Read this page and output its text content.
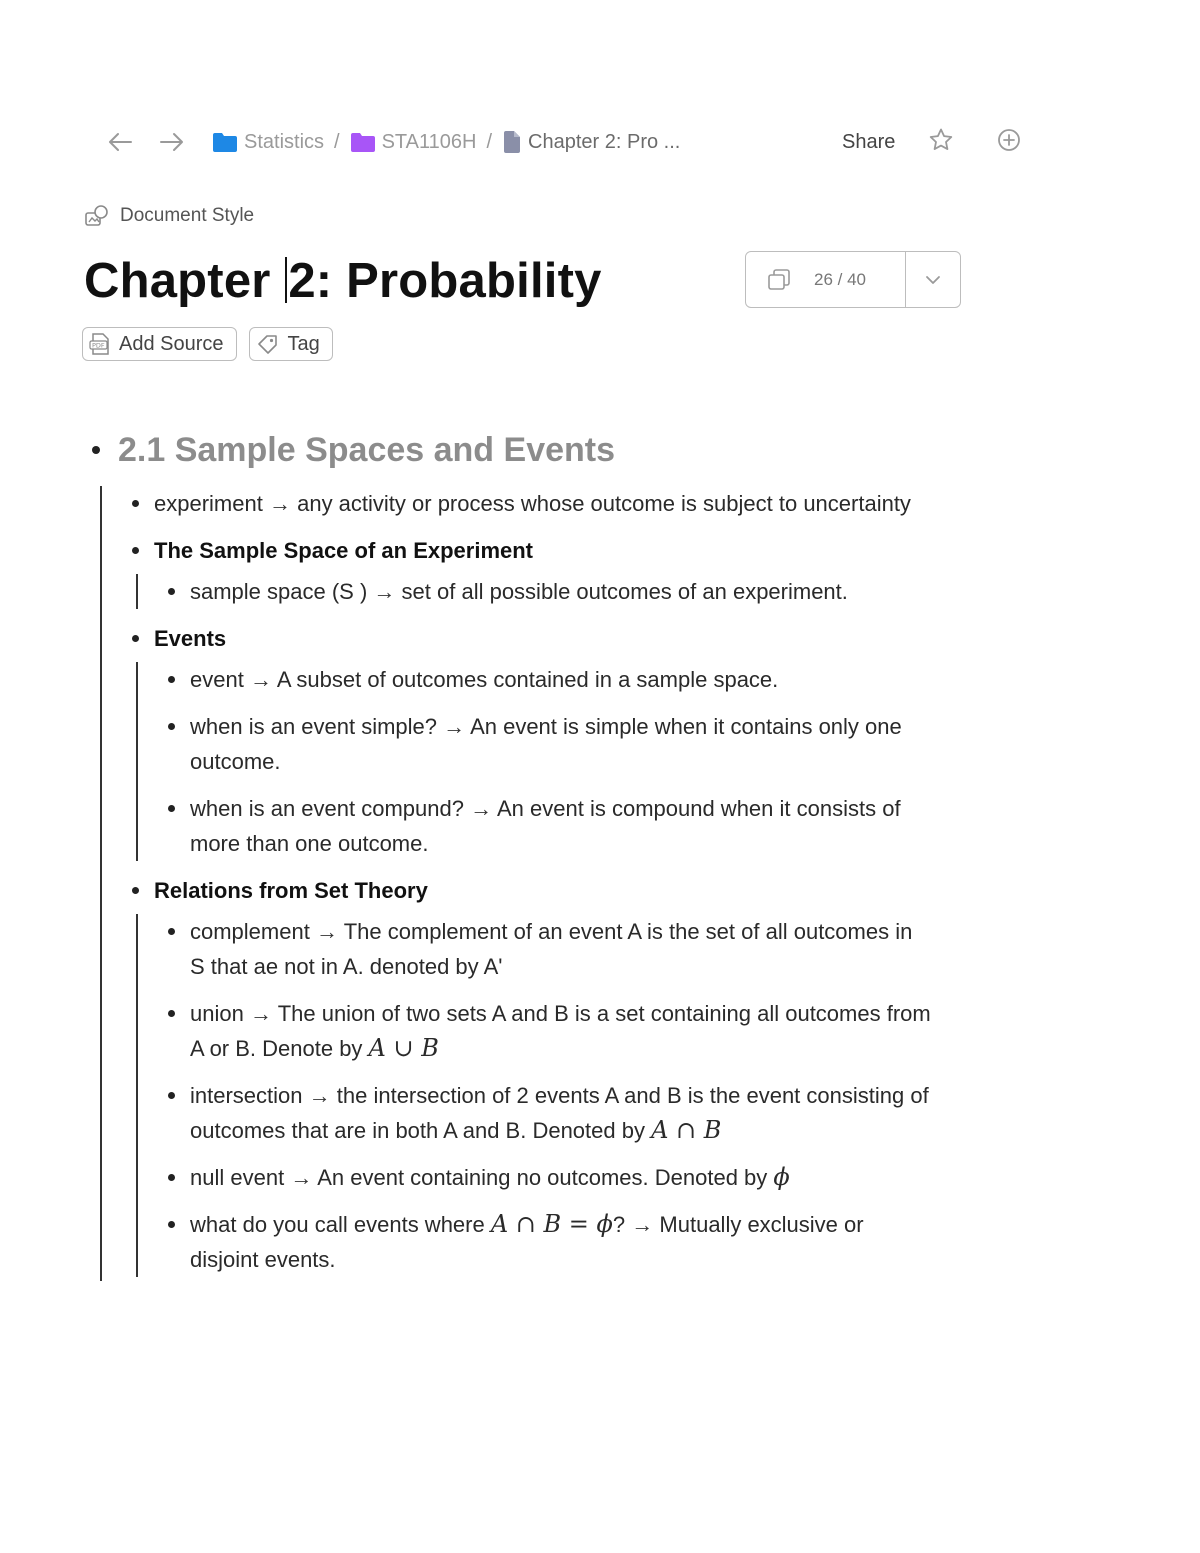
Statistics / STA1106H / Chapter 2: Pro ...	Share
Document Style
Chapter 2: Probability	26 / 40
PDF Add Source	Tag
2.1 Sample Spaces and Events
experiment → any activity or process whose outcome is subject to uncertainty
The Sample Space of an Experiment
sample space (S ) → set of all possible outcomes of an experiment.
Events
event → A subset of outcomes contained in a sample space.
when is an event simple? → An event is simple when it contains only one outcome.
when is an event compund? → An event is compound when it consists of more than one outcome.
Relations from Set Theory
complement → The complement of an event A is the set of all outcomes in S that ae not in A. denoted by A'
union → The union of two sets A and B is a set containing all outcomes from A or B. Denote by A ∪ B
intersection → the intersection of 2 events A and B is the event consisting of outcomes that are in both A and B. Denoted by A ∩ B
null event → An event containing no outcomes. Denoted by ϕ
what do you call events where A ∩ B = ϕ? → Mutually exclusive or disjoint events.
